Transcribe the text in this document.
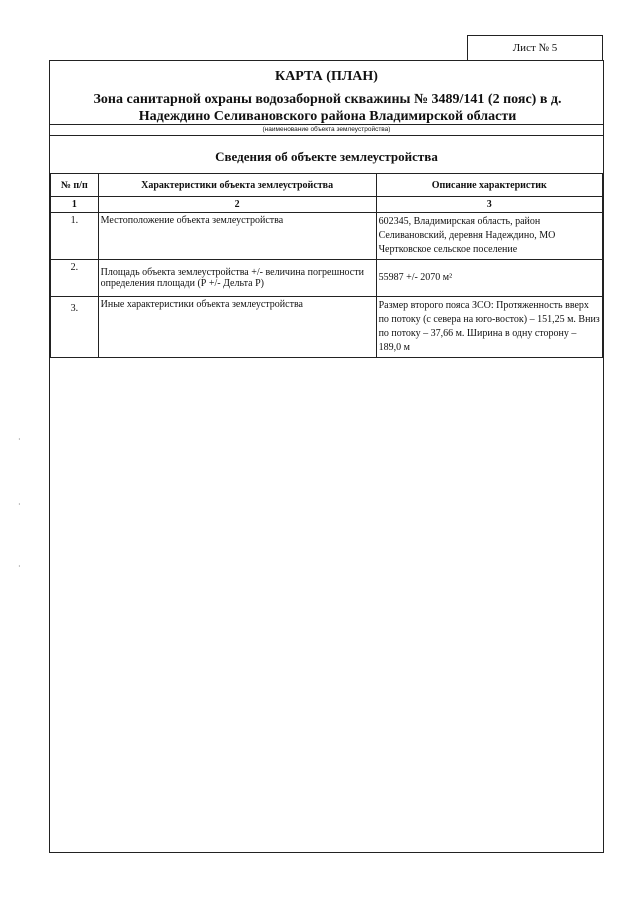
Лист № 5
КАРТА (ПЛАН)
Зона санитарной охраны водозаборной скважины № 3489/141 (2 пояс) в д. Надеждино Селивановского района Владимирской области
(наименование объекта землеустройства)
Сведения об объекте землеустройства
№ п/п	Характеристики объекта землеустройства	Описание характеристик
1	2	3
1.	Местоположение объекта землеустройства	602345, Владимирская область, район Селивановский, деревня Надеждино, МО Чертковское сельское поселение
2.	Площадь объекта землеустройства +/- величина погрешности определения площади (Р +/- Дельта Р)	55987 +/- 2070 м²
3.	Иные характеристики объекта землеустройства	Размер второго пояса ЗСО: Протяженность вверх по потоку (с севера на юго-восток) – 151,25 м. Вниз по потоку – 37,66 м. Ширина в одну сторону – 189,0 м
·
·
·
